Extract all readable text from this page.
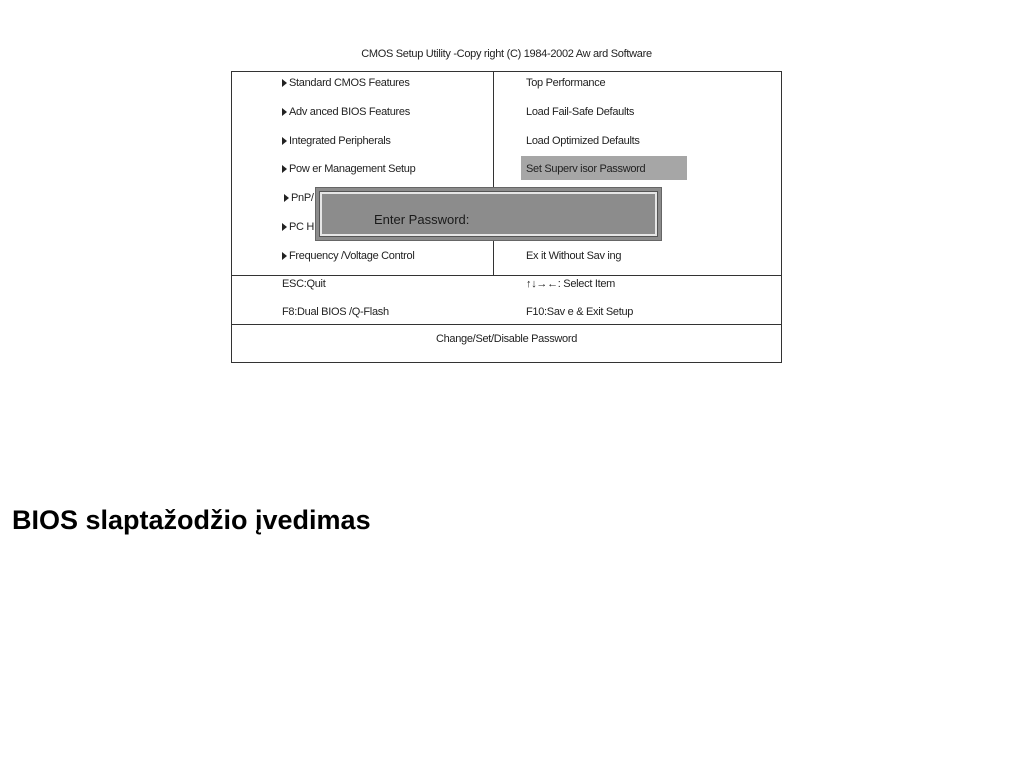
CMOS Setup Utility -Copy right (C) 1984-2002 Aw ard Software
Standard CMOS Features
Adv anced BIOS Features
Integrated Peripherals
Pow er Management Setup
PnP/
PC H
Frequency /Voltage Control
Top Performance
Load Fail-Safe Defaults
Load Optimized Defaults
Set Superv isor Password
Ex it Without Sav ing
Enter Password:
ESC:Quit	↑↓→←: Select Item
F8:Dual BIOS /Q-Flash	F10:Sav e & Exit Setup
Change/Set/Disable Password
BIOS slaptažodžio įvedimas
